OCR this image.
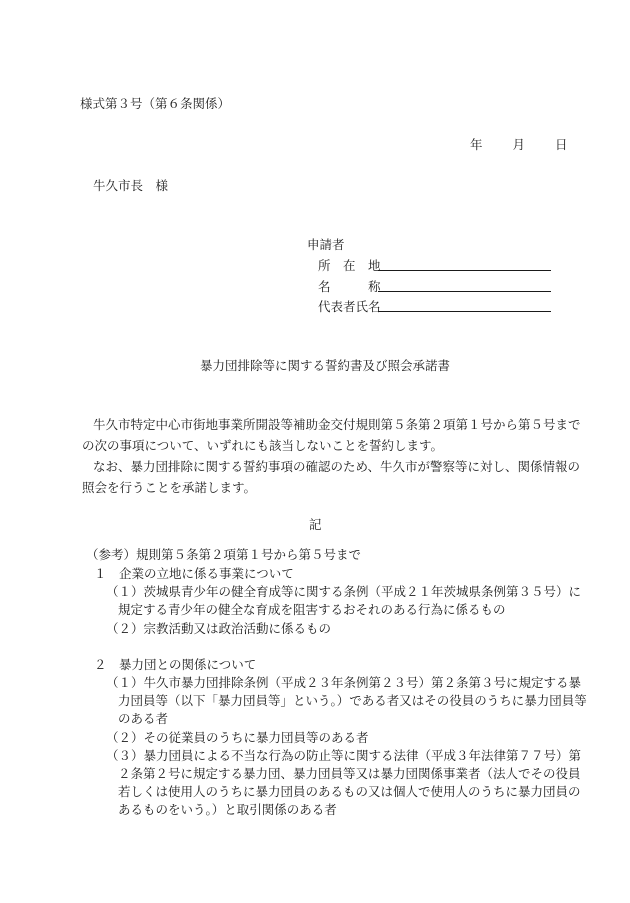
様式第３号（第６条関係）
年 月 日
牛久市長　様
申請者
所　在　地
名　　　称
代表者氏名
暴力団排除等に関する誓約書及び照会承諾書
牛久市特定中心市街地事業所開設等補助金交付規則第５条第２項第１号から第５号まで
の次の事項について、いずれにも該当しないことを誓約します。
なお、暴力団排除に関する誓約事項の確認のため、牛久市が警察等に対し、関係情報の
照会を行うことを承諾します。
記
（参考）規則第５条第２項第１号から第５号まで
１　企業の立地に係る事業について
（１）茨城県青少年の健全育成等に関する条例（平成２１年茨城県条例第３５号）に
規定する青少年の健全な育成を阻害するおそれのある行為に係るもの
（２）宗教活動又は政治活動に係るもの
２　暴力団との関係について
（１）牛久市暴力団排除条例（平成２３年条例第２３号）第２条第３号に規定する暴
力団員等（以下「暴力団員等」という。）である者又はその役員のうちに暴力団員等
のある者
（２）その従業員のうちに暴力団員等のある者
（３）暴力団員による不当な行為の防止等に関する法律（平成３年法律第７７号）第
２条第２号に規定する暴力団、暴力団員等又は暴力団関係事業者（法人でその役員
若しくは使用人のうちに暴力団員のあるもの又は個人で使用人のうちに暴力団員の
あるものをいう。）と取引関係のある者
